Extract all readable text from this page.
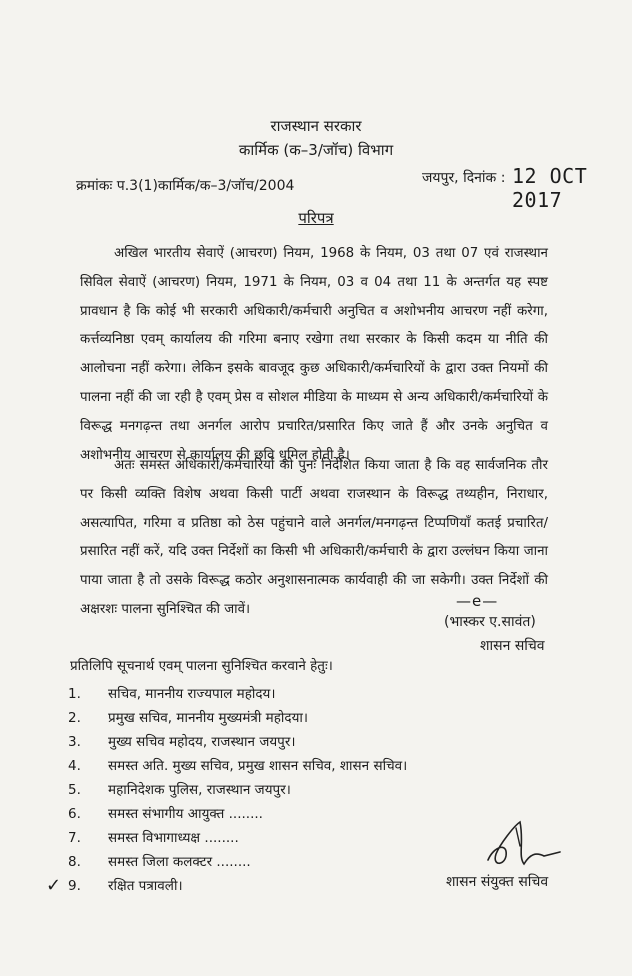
राजस्थान सरकार
कार्मिक (क–3/जॉच) विभाग
क्रमांकः प.3(1)कार्मिक/क–3/जॉच/2004	जयपुर, दिनांक : 12 OCT 2017
परिपत्र
अखिल भारतीय सेवाऐं (आचरण) नियम, 1968 के नियम, 03 तथा 07 एवं राजस्थान सिविल सेवाऐं (आचरण) नियम, 1971 के नियम, 03 व 04 तथा 11 के अन्तर्गत यह स्पष्ट प्रावधान है कि कोई भी सरकारी अधिकारी/कर्मचारी अनुचित व अशोभनीय आचरण नहीं करेगा, कर्त्तव्यनिष्ठा एवम् कार्यालय की गरिमा बनाए रखेगा तथा सरकार के किसी कदम या नीति की आलोचना नहीं करेगा। लेकिन इसके बावजूद कुछ अधिकारी/कर्मचारियों के द्वारा उक्त नियमों की पालना नहीं की जा रही है एवम् प्रेस व सोशल मीडिया के माध्यम से अन्य अधिकारी/कर्मचारियों के विरूद्ध मनगढ़न्त तथा अनर्गल आरोप प्रचारित/प्रसारित किए जाते हैं और उनके अनुचित व अशोभनीय आचरण से कार्यालय की छवि धूमिल होती है।
अतः समस्त अधिकारी/कर्मचारियों को पुनः निर्देशित किया जाता है कि वह सार्वजनिक तौर पर किसी व्यक्ति विशेष अथवा किसी पार्टी अथवा राजस्थान के विरूद्ध तथ्यहीन, निराधार, असत्यापित, गरिमा व प्रतिष्ठा को ठेस पहुंचाने वाले अनर्गल/मनगढ़न्त टिप्पणियाँ कतई प्रचारित/प्रसारित नहीं करें, यदि उक्त निर्देशों का किसी भी अधिकारी/कर्मचारी के द्वारा उल्लंघन किया जाना पाया जाता है तो उसके विरूद्ध कठोर अनुशासनात्मक कार्यवाही की जा सकेगी। उक्त निर्देशों की अक्षरशः पालना सुनिश्चित की जावें।	—e—
(भास्कर ए.सावंत)
शासन सचिव
प्रतिलिपि सूचनार्थ एवम् पालना सुनिश्चित करवाने हेतुः।
1. सचिव, माननीय राज्यपाल महोदय।
2. प्रमुख सचिव, माननीय मुख्यमंत्री महोदया।
3. मुख्य सचिव महोदय, राजस्थान जयपुर।
4. समस्त अति. मुख्य सचिव, प्रमुख शासन सचिव, शासन सचिव।
5. महानिदेशक पुलिस, राजस्थान जयपुर।
6. समस्त संभागीय आयुक्त ........
7. समस्त विभागाध्यक्ष ........
8. समस्त जिला कलक्टर ........
✓ 9. रक्षित पत्रावली।	शासन संयुक्त सचिव
